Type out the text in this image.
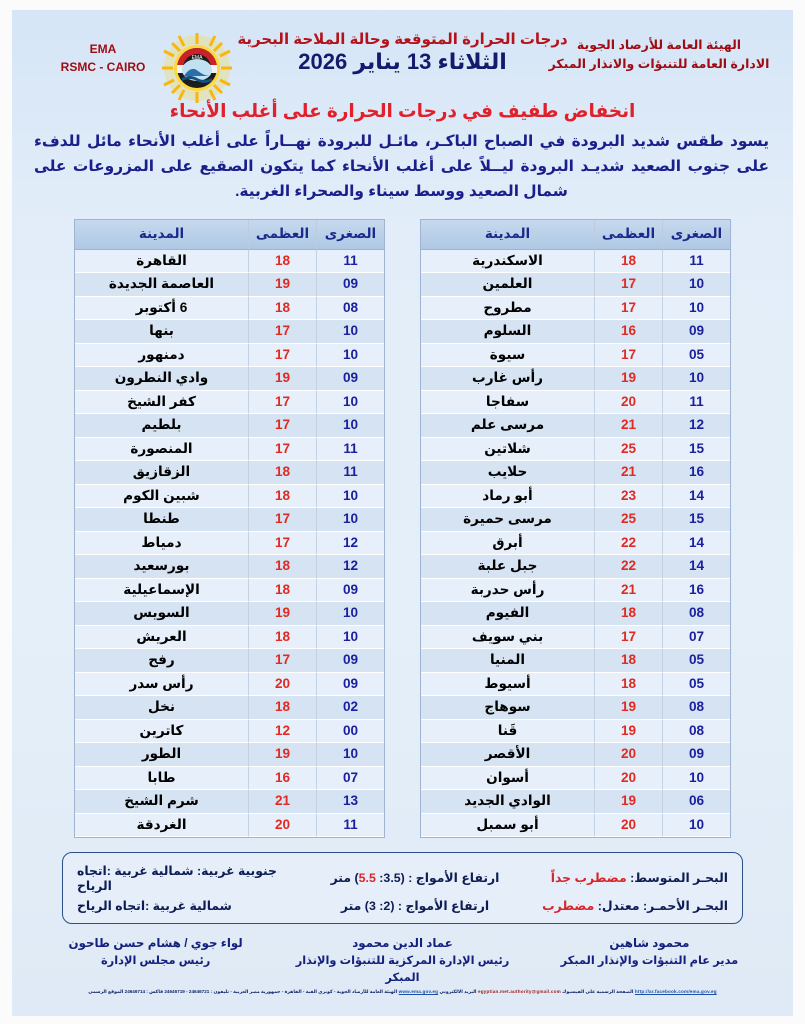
الهيئة العامة للأرصاد الجوية
الادارة العامة للتنبؤات والانذار المبكر
درجات الحرارة المتوقعة وحالة الملاحة البحرية
الثلاثاء 13 يناير 2026
EMA
EMA
RSMC - CAIRO
انخفاض طفيف في درجات الحرارة على أغلب الأنحاء
يسود طقس شديد البرودة في الصباح الباكـر، مائـل للبرودة نهــاراً على أغلب الأنحاء مائل للدفء على جنوب الصعيد شديـد البرودة ليــلاً على أغلب الأنحاء كما يتكون الصقيع على المزروعات على شمال الصعيد ووسط سيناء والصحراء الغربية.
الصغرى	العظمى	المدينة
11	18	الاسكندرية
10	17	العلمين
10	17	مطروح
09	16	السلوم
05	17	سيوة
10	19	رأس غارب
11	20	سفاجا
12	21	مرسى علم
15	25	شلاتين
16	21	حلايب
14	23	أبو رماد
15	25	مرسى حميرة
14	22	أبرق
14	22	جبل علبة
16	21	رأس حدربة
08	18	الفيوم
07	17	بني سويف
05	18	المنيا
05	18	أسيوط
08	19	سوهاج
08	19	قَنا
09	20	الأقصر
10	20	أسوان
06	19	الوادي الجديد
10	20	أبو سمبل
الصغرى	العظمى	المدينة
11	18	القاهرة
09	19	العاصمة الجديدة
08	18	6 أكتوبر
10	17	بنها
10	17	دمنهور
09	19	وادي النطرون
10	17	كفر الشيخ
10	17	بلطيم
11	17	المنصورة
11	18	الزقازيق
10	18	شبين الكوم
10	17	طنطا
12	17	دمياط
12	18	بورسعيد
09	18	الإسماعيلية
10	19	السويس
10	18	العريش
09	17	رفح
09	20	رأس سدر
02	18	نخل
00	12	كاترين
10	19	الطور
07	16	طابا
13	21	شرم الشيخ
11	20	الغردقة
البحـر المتوسط: مضطرب جداً
ارتفاع الأمواج : (3.5: 5.5) متر
جنوبية غربية: شمالية غربية :اتجاه الرياح
البحـر الأحمـر: معتدل: مضطرب
ارتفاع الأمواج : (2: 3) متر
شمالية غربية :اتجاه الرياح
محمود شاهين
مدير عام التنبؤات والإنذار المبكر
عماد الدين محمود
رئيس الإدارة المركزية للتنبؤات والإنذار المبكر
لواء جوي / هشام حسن طاحون
رئيس مجلس الإدارة
http://ar.facebook.com/ema.gov.eg الصفحة الرسمية على الفيسبوك egyptian.met.authority@gmail.com البريد الالكتروني www.ema.gov.eg الهيئة العامة للأرصاد الجوية - كوبري القبة - القاهرة - جمهورية مصر العربية - تليفون : 24646721 - 24646719 فاكس : 24646714 الموقع الرسمي
